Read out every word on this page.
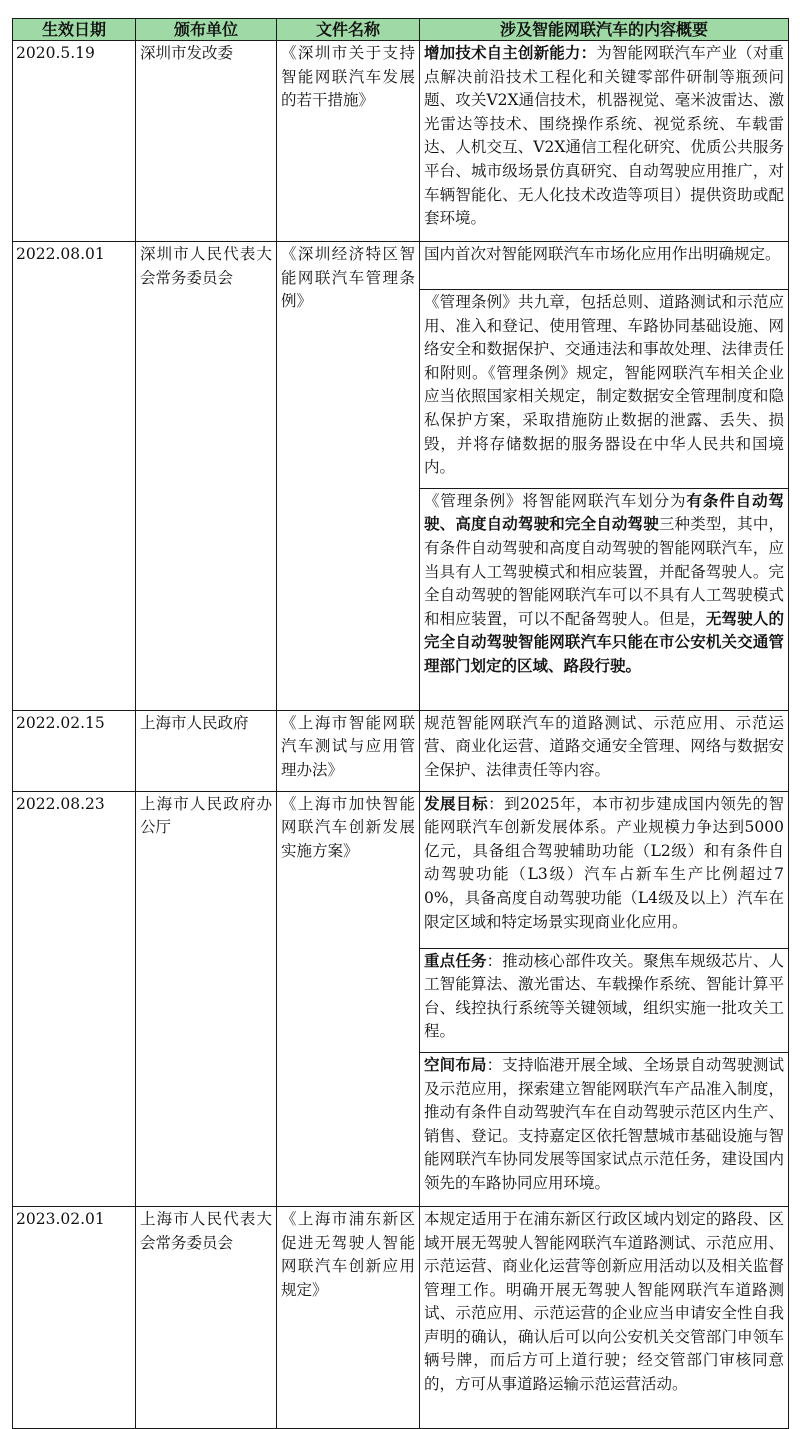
生效日期	颁布单位	文件名称	涉及智能网联汽车的内容概要
2020.5.19	深圳市发改委	《深圳市关于支持智能网联汽车发展的若干措施》	增加技术自主创新能力：为智能网联汽车产业（对重点解决前沿技术工程化和关键零部件研制等瓶颈问题、攻关V2X通信技术，机器视觉、毫米波雷达、激光雷达等技术、围绕操作系统、视觉系统、车载雷达、人机交互、V2X通信工程化研究、优质公共服务平台、城市级场景仿真研究、自动驾驶应用推广，对车辆智能化、无人化技术改造等项目）提供资助或配套环境。
2022.08.01	深圳市人民代表大会常务委员会	《深圳经济特区智能网联汽车管理条例》	国内首次对智能网联汽车市场化应用作出明确规定。
			《管理条例》共九章，包括总则、道路测试和示范应用、准入和登记、使用管理、车路协同基础设施、网络安全和数据保护、交通违法和事故处理、法律责任和附则。《管理条例》规定，智能网联汽车相关企业应当依照国家相关规定，制定数据安全管理制度和隐私保护方案，采取措施防止数据的泄露、丢失、损毁，并将存储数据的服务器设在中华人民共和国境内。
			《管理条例》将智能网联汽车划分为有条件自动驾驶、高度自动驾驶和完全自动驾驶三种类型，其中，有条件自动驾驶和高度自动驾驶的智能网联汽车，应当具有人工驾驶模式和相应装置，并配备驾驶人。完全自动驾驶的智能网联汽车可以不具有人工驾驶模式和相应装置，可以不配备驾驶人。但是，无驾驶人的完全自动驾驶智能网联汽车只能在市公安机关交通管理部门划定的区域、路段行驶。
2022.02.15	上海市人民政府	《上海市智能网联汽车测试与应用管理办法》	规范智能网联汽车的道路测试、示范应用、示范运营、商业化运营、道路交通安全管理、网络与数据安全保护、法律责任等内容。
2022.08.23	上海市人民政府办公厅	《上海市加快智能网联汽车创新发展实施方案》	发展目标：到2025年，本市初步建成国内领先的智能网联汽车创新发展体系。产业规模力争达到5000亿元，具备组合驾驶辅助功能（L2级）和有条件自动驾驶功能（L3级）汽车占新车生产比例超过70%，具备高度自动驾驶功能（L4级及以上）汽车在限定区域和特定场景实现商业化应用。
			重点任务：推动核心部件攻关。聚焦车规级芯片、人工智能算法、激光雷达、车载操作系统、智能计算平台、线控执行系统等关键领域，组织实施一批攻关工程。
			空间布局：支持临港开展全域、全场景自动驾驶测试及示范应用，探索建立智能网联汽车产品准入制度，推动有条件自动驾驶汽车在自动驾驶示范区内生产、销售、登记。支持嘉定区依托智慧城市基础设施与智能网联汽车协同发展等国家试点示范任务，建设国内领先的车路协同应用环境。
2023.02.01	上海市人民代表大会常务委员会	《上海市浦东新区促进无驾驶人智能网联汽车创新应用规定》	本规定适用于在浦东新区行政区域内划定的路段、区域开展无驾驶人智能网联汽车道路测试、示范应用、示范运营、商业化运营等创新应用活动以及相关监督管理工作。明确开展无驾驶人智能网联汽车道路测试、示范应用、示范运营的企业应当申请安全性自我声明的确认，确认后可以向公安机关交管部门申领车辆号牌，而后方可上道行驶；经交管部门审核同意的，方可从事道路运输示范运营活动。
